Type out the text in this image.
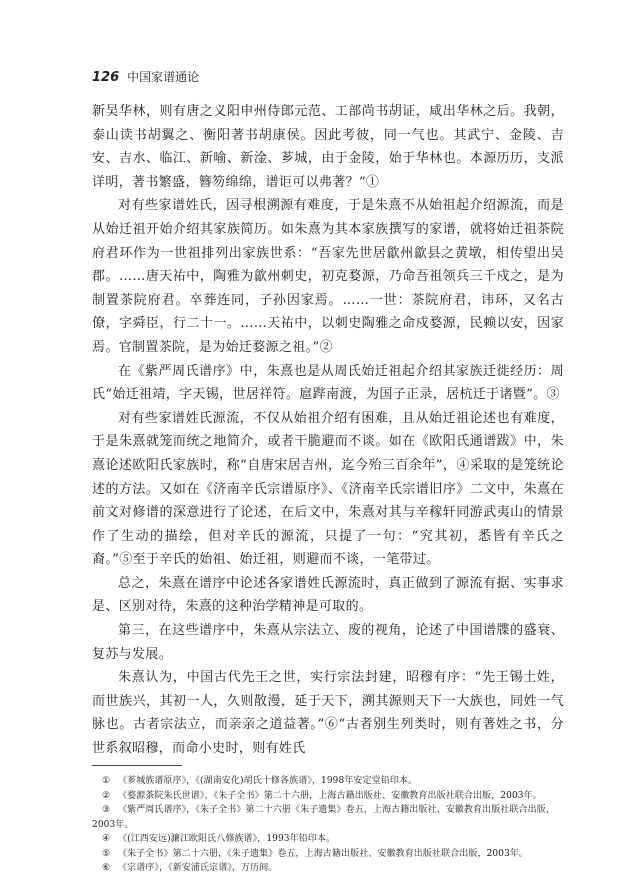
126 中国家谱通论

新吴华林，则有唐之义阳申州侍郎元范、工部尚书胡证，咸出华林之后。我朝，泰山读书胡翼之、衡阳著书胡康侯。因此考彼，同一气也。其武宁、金陵、吉安、吉水、临江、新喻、新淦、芗城，由于金陵，始于华林也。本源历历，支派详明，著书繁盛，簪笏绵绵，谱讵可以弗著？”①

对有些家谱姓氏，因寻根溯源有难度，于是朱熹不从始祖起介绍源流，而是从始迁祖开始介绍其家族简历。如朱熹为其本家族撰写的家谱，就将始迁祖茶院府君环作为一世祖排列出家族世系：“吾家先世居歙州歙县之黄墩，相传望出吴郡。……唐天祐中，陶雅为歙州刺史，初克婺源，乃命吾祖领兵三千戍之，是为制置茶院府君。卒葬连同，子孙因家焉。……一世：茶院府君，讳环，又名古僚，字舜臣，行二十一。……天祐中，以刺史陶雅之命戍婺源，民赖以安，因家焉。官制置茶院，是为始迁婺源之祖。”②

在《紫严周氏谱序》中，朱熹也是从周氏始迁祖起介绍其家族迁徙经历：周氏“始迁祖靖，字天锡，世居祥符。扈跸南渡，为国子正录，居杭迁于诸暨”。③

对有些家谱姓氏源流，不仅从始祖介绍有困难，且从始迁祖论述也有难度，于是朱熹就笼而统之地简介，或者干脆避而不谈。如在《欧阳氏通谱跋》中，朱熹论述欧阳氏家族时，称“自唐宋居吉州，迄今殆三百余年”，④采取的是笼统论述的方法。又如在《济南辛氏宗谱原序》、《济南辛氏宗谱旧序》二文中，朱熹在前文对修谱的深意进行了论述，在后文中，朱熹对其与辛稼轩同游武夷山的情景作了生动的描绘，但对辛氏的源流，只提了一句：“究其初，悉皆有辛氏之裔。”⑤至于辛氏的始祖、始迁祖，则避而不谈，一笔带过。

总之，朱熹在谱序中论述各家谱姓氏源流时，真正做到了源流有据、实事求是、区别对待，朱熹的这种治学精神是可取的。

第三，在这些谱序中，朱熹从宗法立、废的视角，论述了中国谱牒的盛衰、复苏与发展。

朱熹认为，中国古代先王之世，实行宗法封建，昭穆有序：“先王锡土姓，而世族兴，其初一人，久则散漫，延于天下，溯其源则天下一大族也，同姓一气脉也。古者宗法立，而亲亲之道益著。”⑥“古者别生列类时，则有著姓之书，分世系叙昭穆，而命小史时，则有姓氏

① 《芗城族谱原序》，《(湖南安化)胡氏十修各族谱》，1998年安定堂铅印本。
② 《婺源茶院朱氏世谱》，《朱子全书》第二十六册，上海古籍出版社、安徽教育出版社联合出版，2003年。
③ 《紫严周氏谱序》，《朱子全书》第二十六册《朱子遗集》卷五，上海古籍出版社、安徽教育出版社联合出版，2003年。
④ 《(江西安远)濂江欧阳氏八修族谱》，1993年铅印本。
⑤ 《朱子全书》第二十六册，《朱子遗集》卷五，上海古籍出版社、安徽教育出版社联合出版，2003年。
⑥ 《宗谱序》，《新安浦氏宗谱》，万历间。
